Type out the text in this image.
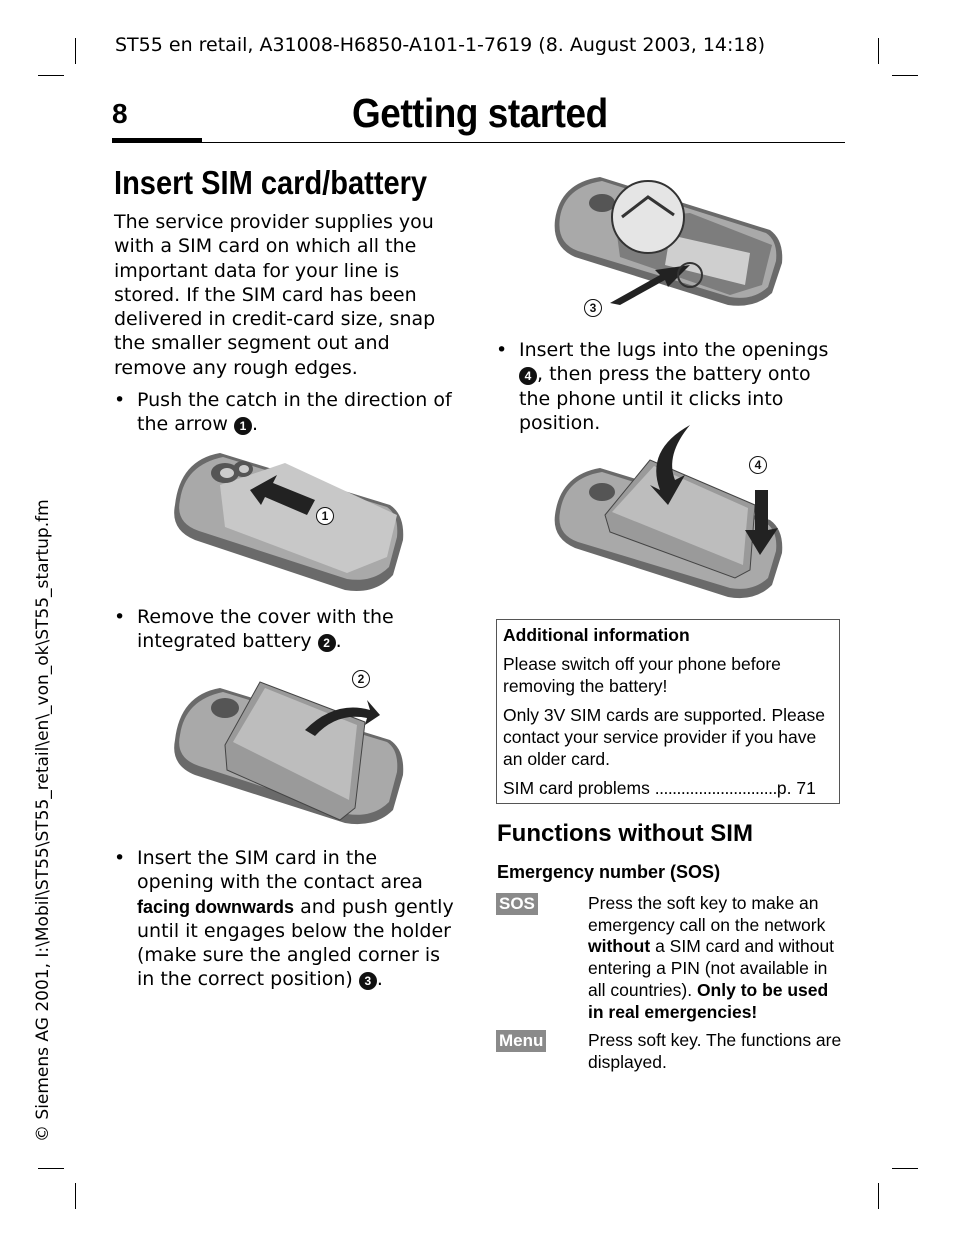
ST55 en retail, A31008-H6850-A101-1-7619 (8. August 2003, 14:18)
8	Getting started
© Siemens AG 2001, I:\Mobil\ST55\ST55_retail\en\_von_ok\ST55_startup.fm
Insert SIM card/battery
The service provider supplies you with a SIM card on which all the important data for your line is stored. If the SIM card has been delivered in credit-card size, snap the smaller segment out and remove any rough edges.
• Push the catch in the direction of the arrow 1 .
1
• Remove the cover with the integrated battery 2 .
2
• Insert the SIM card in the opening with the contact area facing downwards and push gently until it engages below the holder (make sure the angled corner is in the correct position) 3 .
3
• Insert the lugs into the openings 4 , then press the battery onto the phone until it clicks into position.
4

Additional information

Please switch off your phone before removing the battery!

Only 3V SIM cards are supported. Please contact your service provider if you have an older card.

SIM card problems ............................p. 71

Functions without SIM
Emergency number (SOS)
SOS	Press the soft key to make an emergency call on the network without a SIM card and without entering a PIN (not available in all countries). Only to be used in real emergencies!
Menu	Press soft key. The functions are displayed.
